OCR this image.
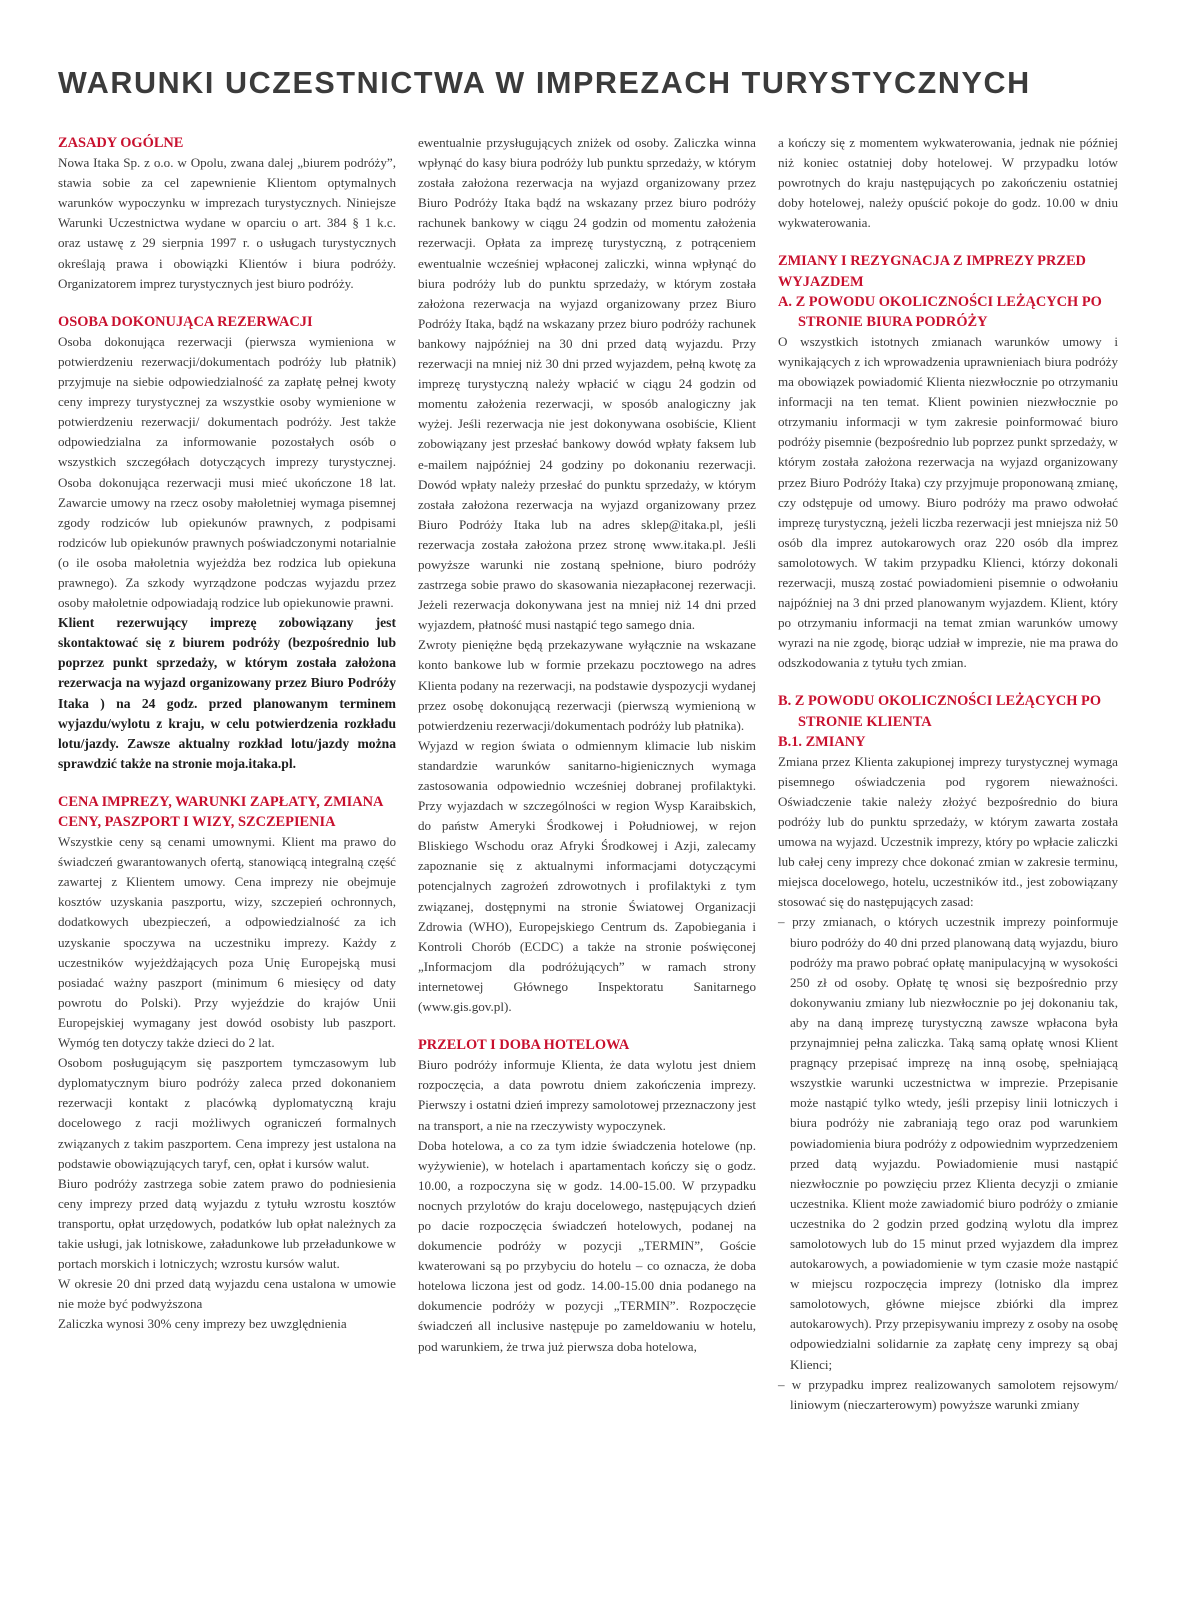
WARUNKI UCZESTNICTWA W IMPREZACH TURYSTYCZNYCH
ZASADY OGÓLNE

Nowa Itaka Sp. z o.o. w Opolu, zwana dalej „biurem podróży”, stawia sobie za cel zapewnienie Klientom optymalnych warunków wypoczynku w imprezach turystycznych. Niniejsze Warunki Uczestnictwa wydane w oparciu o art. 384 § 1 k.c. oraz ustawę z 29 sierpnia 1997 r. o usługach turystycznych określają prawa i obowiązki Klientów i biura podróży. Organizatorem imprez turystycznych jest biuro podróży.

OSOBA DOKONUJĄCA REZERWACJI

Osoba dokonująca rezerwacji (pierwsza wymieniona w potwierdzeniu rezerwacji/dokumentach podróży lub płatnik) przyjmuje na siebie odpowiedzialność za zapłatę pełnej kwoty ceny imprezy turystycznej za wszystkie osoby wymienione w potwierdzeniu rezerwacji/ dokumentach podróży. Jest także odpowiedzialna za informowanie pozostałych osób o wszystkich szczegółach dotyczących imprezy turystycznej. Osoba dokonująca rezerwacji musi mieć ukończone 18 lat. Zawarcie umowy na rzecz osoby małoletniej wymaga pisemnej zgody rodziców lub opiekunów prawnych, z podpisami rodziców lub opiekunów prawnych poświadczonymi notarialnie (o ile osoba małoletnia wyjeżdża bez rodzica lub opiekuna prawnego). Za szkody wyrządzone podczas wyjazdu przez osoby małoletnie odpowiadają rodzice lub opiekunowie prawni.

Klient rezerwujący imprezę zobowiązany jest skontaktować się z biurem podróży (bezpośrednio lub poprzez punkt sprzedaży, w którym została założona rezerwacja na wyjazd organizowany przez Biuro Podróży Itaka ) na 24 godz. przed planowanym terminem wyjazdu/wylotu z kraju, w celu potwierdzenia rozkładu lotu/jazdy. Zawsze aktualny rozkład lotu/jazdy można sprawdzić także na stronie moja.itaka.pl.

CENA IMPREZY, WARUNKI ZAPŁATY, ZMIANA CENY, PASZPORT I WIZY, SZCZEPIENIA

Wszystkie ceny są cenami umownymi. Klient ma prawo do świadczeń gwarantowanych ofertą, stanowiącą integralną część zawartej z Klientem umowy. Cena imprezy nie obejmuje kosztów uzyskania paszportu, wizy, szczepień ochronnych, dodatkowych ubezpieczeń, a odpowiedzialność za ich uzyskanie spoczywa na uczestniku imprezy. Każdy z uczestników wyjeżdżających poza Unię Europejską musi posiadać ważny paszport (minimum 6 miesięcy od daty powrotu do Polski). Przy wyjeździe do krajów Unii Europejskiej wymagany jest dowód osobisty lub paszport. Wymóg ten dotyczy także dzieci do 2 lat.

Osobom posługującym się paszportem tymczasowym lub dyplomatycznym biuro podróży zaleca przed dokonaniem rezerwacji kontakt z placówką dyplomatyczną kraju docelowego z racji możliwych ograniczeń formalnych związanych z takim paszportem. Cena imprezy jest ustalona na podstawie obowiązujących taryf, cen, opłat i kursów walut.

Biuro podróży zastrzega sobie zatem prawo do podniesienia ceny imprezy przed datą wyjazdu z tytułu wzrostu kosztów transportu, opłat urzędowych, podatków lub opłat należnych za takie usługi, jak lotniskowe, załadunkowe lub przeładunkowe w portach morskich i lotniczych; wzrostu kursów walut.

W okresie 20 dni przed datą wyjazdu cena ustalona w umowie nie może być podwyższona

Zaliczka wynosi 30% ceny imprezy bez uwzględnienia

ewentualnie przysługujących zniżek od osoby. Zaliczka winna wpłynąć do kasy biura podróży lub punktu sprzedaży, w którym została założona rezerwacja na wyjazd organizowany przez Biuro Podróży Itaka bądź na wskazany przez biuro podróży rachunek bankowy w ciągu 24 godzin od momentu założenia rezerwacji. Opłata za imprezę turystyczną, z potrąceniem ewentualnie wcześniej wpłaconej zaliczki, winna wpłynąć do biura podróży lub do punktu sprzedaży, w którym została założona rezerwacja na wyjazd organizowany przez Biuro Podróży Itaka, bądź na wskazany przez biuro podróży rachunek bankowy najpóźniej na 30 dni przed datą wyjazdu. Przy rezerwacji na mniej niż 30 dni przed wyjazdem, pełną kwotę za imprezę turystyczną należy wpłacić w ciągu 24 godzin od momentu założenia rezerwacji, w sposób analogiczny jak wyżej. Jeśli rezerwacja nie jest dokonywana osobiście, Klient zobowiązany jest przesłać bankowy dowód wpłaty faksem lub e-mailem najpóźniej 24 godziny po dokonaniu rezerwacji. Dowód wpłaty należy przesłać do punktu sprzedaży, w którym została założona rezerwacja na wyjazd organizowany przez Biuro Podróży Itaka lub na adres sklep@itaka.pl, jeśli rezerwacja została założona przez stronę www.itaka.pl. Jeśli powyższe warunki nie zostaną spełnione, biuro podróży zastrzega sobie prawo do skasowania niezapłaconej rezerwacji. Jeżeli rezerwacja dokonywana jest na mniej niż 14 dni przed wyjazdem, płatność musi nastąpić tego samego dnia.

Zwroty pieniężne będą przekazywane wyłącznie na wskazane konto bankowe lub w formie przekazu pocztowego na adres Klienta podany na rezerwacji, na podstawie dyspozycji wydanej przez osobę dokonującą rezerwacji (pierwszą wymienioną w potwierdzeniu rezerwacji/dokumentach podróży lub płatnika).

Wyjazd w region świata o odmiennym klimacie lub niskim standardzie warunków sanitarno-higienicznych wymaga zastosowania odpowiednio wcześniej dobranej profilaktyki. Przy wyjazdach w szczególności w region Wysp Karaibskich, do państw Ameryki Środkowej i Południowej, w rejon Bliskiego Wschodu oraz Afryki Środkowej i Azji, zalecamy zapoznanie się z aktualnymi informacjami dotyczącymi potencjalnych zagrożeń zdrowotnych i profilaktyki z tym związanej, dostępnymi na stronie Światowej Organizacji Zdrowia (WHO), Europejskiego Centrum ds. Zapobiegania i Kontroli Chorób (ECDC) a także na stronie poświęconej „Informacjom dla podróżujących” w ramach strony internetowej Głównego Inspektoratu Sanitarnego (www.gis.gov.pl).

PRZELOT I DOBA HOTELOWA

Biuro podróży informuje Klienta, że data wylotu jest dniem rozpoczęcia, a data powrotu dniem zakończenia imprezy. Pierwszy i ostatni dzień imprezy samolotowej przeznaczony jest na transport, a nie na rzeczywisty wypoczynek.

Doba hotelowa, a co za tym idzie świadczenia hotelowe (np. wyżywienie), w hotelach i apartamentach kończy się o godz. 10.00, a rozpoczyna się w godz. 14.00-15.00. W przypadku nocnych przylotów do kraju docelowego, następujących dzień po dacie rozpoczęcia świadczeń hotelowych, podanej na dokumencie podróży w pozycji „TERMIN”, Goście kwaterowani są po przybyciu do hotelu – co oznacza, że doba hotelowa liczona jest od godz. 14.00-15.00 dnia podanego na dokumencie podróży w pozycji „TERMIN”. Rozpoczęcie świadczeń all inclusive następuje po zameldowaniu w hotelu, pod warunkiem, że trwa już pierwsza doba hotelowa,

a kończy się z momentem wykwaterowania, jednak nie później niż koniec ostatniej doby hotelowej. W przypadku lotów powrotnych do kraju następujących po zakończeniu ostatniej doby hotelowej, należy opuścić pokoje do godz. 10.00 w dniu wykwaterowania.

ZMIANY I REZYGNACJA Z IMPREZY PRZED WYJAZDEM
A. Z POWODU OKOLICZNOŚCI LEŻĄCYCH PO STRONIE BIURA PODRÓŻY

O wszystkich istotnych zmianach warunków umowy i wynikających z ich wprowadzenia uprawnieniach biura podróży ma obowiązek powiadomić Klienta niezwłocznie po otrzymaniu informacji na ten temat. Klient powinien niezwłocznie po otrzymaniu informacji w tym zakresie poinformować biuro podróży pisemnie (bezpośrednio lub poprzez punkt sprzedaży, w którym została założona rezerwacja na wyjazd organizowany przez Biuro Podróży Itaka) czy przyjmuje proponowaną zmianę, czy odstępuje od umowy. Biuro podróży ma prawo odwołać imprezę turystyczną, jeżeli liczba rezerwacji jest mniejsza niż 50 osób dla imprez autokarowych oraz 220 osób dla imprez samolotowych. W takim przypadku Klienci, którzy dokonali rezerwacji, muszą zostać powiadomieni pisemnie o odwołaniu najpóźniej na 3 dni przed planowanym wyjazdem. Klient, który po otrzymaniu informacji na temat zmian warunków umowy wyrazi na nie zgodę, biorąc udział w imprezie, nie ma prawa do odszkodowania z tytułu tych zmian.

B. Z POWODU OKOLICZNOŚCI LEŻĄCYCH PO STRONIE KLIENTA
B.1. ZMIANY

Zmiana przez Klienta zakupionej imprezy turystycznej wymaga pisemnego oświadczenia pod rygorem nieważności. Oświadczenie takie należy złożyć bezpośrednio do biura podróży lub do punktu sprzedaży, w którym zawarta została umowa na wyjazd. Uczestnik imprezy, który po wpłacie zaliczki lub całej ceny imprezy chce dokonać zmian w zakresie terminu, miejsca docelowego, hotelu, uczestników itd., jest zobowiązany stosować się do następujących zasad:

– przy zmianach, o których uczestnik imprezy poinformuje biuro podróży do 40 dni przed planowaną datą wyjazdu, biuro podróży ma prawo pobrać opłatę manipulacyjną w wysokości 250 zł od osoby. Opłatę tę wnosi się bezpośrednio przy dokonywaniu zmiany lub niezwłocznie po jej dokonaniu tak, aby na daną imprezę turystyczną zawsze wpłacona była przynajmniej pełna zaliczka. Taką samą opłatę wnosi Klient pragnący przepisać imprezę na inną osobę, spełniającą wszystkie warunki uczestnictwa w imprezie. Przepisanie może nastąpić tylko wtedy, jeśli przepisy linii lotniczych i biura podróży nie zabraniają tego oraz pod warunkiem powiadomienia biura podróży z odpowiednim wyprzedzeniem przed datą wyjazdu. Powiadomienie musi nastąpić niezwłocznie po powzięciu przez Klienta decyzji o zmianie uczestnika. Klient może zawiadomić biuro podróży o zmianie uczestnika do 2 godzin przed godziną wylotu dla imprez samolotowych lub do 15 minut przed wyjazdem dla imprez autokarowych, a powiadomienie w tym czasie może nastąpić w miejscu rozpoczęcia imprezy (lotnisko dla imprez samolotowych, główne miejsce zbiórki dla imprez autokarowych). Przy przepisywaniu imprezy z osoby na osobę odpowiedzialni solidarnie za zapłatę ceny imprezy są obaj Klienci;

– w przypadku imprez realizowanych samolotem rejsowym/ liniowym (nieczarterowym) powyższe warunki zmiany
